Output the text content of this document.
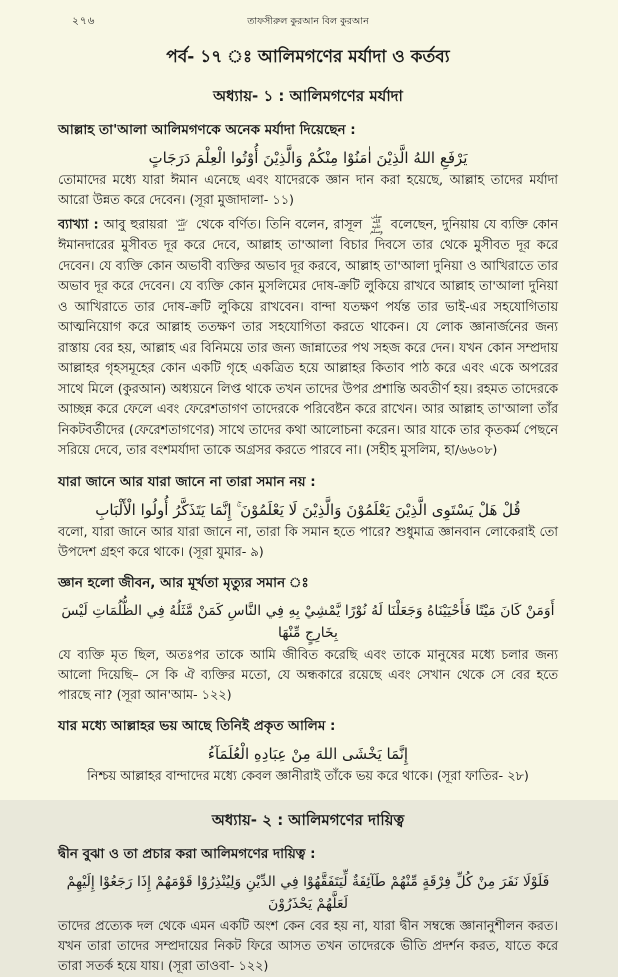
২৭৬	তাফসীরুল কুরআন বিল কুরআন
পর্ব- ১৭ ঃ আলিমগণের মর্যাদা ও কর্তব্য
অধ্যায়- ১ : আলিমগণের মর্যাদা

আল্লাহ তা'আলা আলিমগণকে অনেক মর্যাদা দিয়েছেন :

يَرْفَعِ اللهُ الَّذِيْنَ اٰمَنُوْا مِنْكُمْ وَالَّذِيْنَ أُوْتُوا الْعِلْمَ دَرَجَاتٍ

তোমাদের মধ্যে যারা ঈমান এনেছে এবং যাদেরকে জ্ঞান দান করা হয়েছে, আল্লাহ তাদের মর্যাদা আরো উন্নত করে দেবেন। (সূরা মুজাদালা- ১১)

ব্যাখ্যা : আবু হুরায়রা رضي الله عنه থেকে বর্ণিত। তিনি বলেন, রাসূল صلى الله عليه وسلم বলেছেন, দুনিয়ায় যে ব্যক্তি কোন ঈমানদারের মুসীবত দূর করে দেবে, আল্লাহ তা'আলা বিচার দিবসে তার থেকে মুসীবত দূর করে দেবেন। যে ব্যক্তি কোন অভাবী ব্যক্তির অভাব দূর করবে, আল্লাহ তা'আলা দুনিয়া ও আখিরাতে তার অভাব দূর করে দেবেন। যে ব্যক্তি কোন মুসলিমের দোষ-ক্রটি লুকিয়ে রাখবে আল্লাহ তা'আলা দুনিয়া ও আখিরাতে তার দোষ-ক্রটি লুকিয়ে রাখবেন। বান্দা যতক্ষণ পর্যন্ত তার ভাই-এর সহযোগিতায় আত্মনিয়োগ করে আল্লাহ ততক্ষণ তার সহযোগিতা করতে থাকেন। যে লোক জ্ঞানার্জনের জন্য রাস্তায় বের হয়, আল্লাহ এর বিনিময়ে তার জন্য জান্নাতের পথ সহজ করে দেন। যখন কোন সম্প্রদায় আল্লাহর গৃহসমূহের কোন একটি গৃহে একত্রিত হয়ে আল্লাহর কিতাব পাঠ করে এবং একে অপরের সাথে মিলে (কুরআন) অধ্যয়নে লিপ্ত থাকে তখন তাদের উপর প্রশান্তি অবতীর্ণ হয়। রহমত তাদেরকে আচ্ছন্ন করে ফেলে এবং ফেরেশতাগণ তাদেরকে পরিবেষ্টন করে রাখেন। আর আল্লাহ তা'আলা তাঁর নিকটবর্তীদের (ফেরেশতাগণের) সাথে তাদের কথা আলোচনা করেন। আর যাকে তার কৃতকর্ম পেছনে সরিয়ে দেবে, তার বংশমর্যাদা তাকে অগ্রসর করতে পারবে না। (সহীহ মুসলিম, হা/৬৬০৮)

যারা জানে আর যারা জানে না তারা সমান নয় :

قُلْ هَلْ يَسْتَوِى الَّذِيْنَ يَعْلَمُوْنَ وَالَّذِيْنَ لَا يَعْلَمُوْنَ ۚ إِنَّمَا يَتَذَكَّرُ أُولُوا الْأَلْبَابِ

বলো, যারা জানে আর যারা জানে না, তারা কি সমান হতে পারে? শুধুমাত্র জ্ঞানবান লোকেরাই তো উপদেশ গ্রহণ করে থাকে। (সূরা যুমার- ৯)

জ্ঞান হলো জীবন, আর মূর্খতা মৃত্যুর সমান ঃ

أَوَمَنْ كَانَ مَيْتًا فَأَحْيَيْنَاهُ وَجَعَلْنَا لَهُ نُوْرًا يَّمْشِيْ بِهِ فِي النَّاسِ كَمَنْ مَّثَلُهُ فِي الظُّلُمَاتِ لَيْسَ بِخَارِجٍ مِّنْهَا

যে ব্যক্তি মৃত ছিল, অতঃপর তাকে আমি জীবিত করেছি এবং তাকে মানুষের মধ্যে চলার জন্য আলো দিয়েছি– সে কি ঐ ব্যক্তির মতো, যে অন্ধকারে রয়েছে এবং সেখান থেকে সে বের হতে পারছে না? (সূরা আন'আম- ১২২)

যার মধ্যে আল্লাহর ভয় আছে তিনিই প্রকৃত আলিম :

إِنَّمَا يَخْشَى اللهَ مِنْ عِبَادِهِ الْعُلَمَآءُ

নিশ্চয় আল্লাহর বান্দাদের মধ্যে কেবল জ্ঞানীরাই তাঁকে ভয় করে থাকে। (সূরা ফাতির- ২৮)

অধ্যায়- ২ : আলিমগণের দায়িত্ব

দ্বীন বুঝা ও তা প্রচার করা আলিমগণের দায়িত্ব :

فَلَوْلَا نَفَرَ مِنْ كُلِّ فِرْقَةٍ مِّنْهُمْ طَآئِفَةٌ لِّيَتَفَقَّهُوْا فِي الدِّيْنِ وَلِيُنْذِرُوْا قَوْمَهُمْ إِذَا رَجَعُوْا إِلَيْهِمْ لَعَلَّهُمْ يَحْذَرُوْنَ

তাদের প্রত্যেক দল থেকে এমন একটি অংশ কেন বের হয় না, যারা দ্বীন সম্বন্ধে জ্ঞানানুশীলন করত। যখন তারা তাদের সম্প্রদায়ের নিকট ফিরে আসত তখন তাদেরকে ভীতি প্রদর্শন করত, যাতে করে তারা সতর্ক হয়ে যায়। (সূরা তাওবা- ১২২)
